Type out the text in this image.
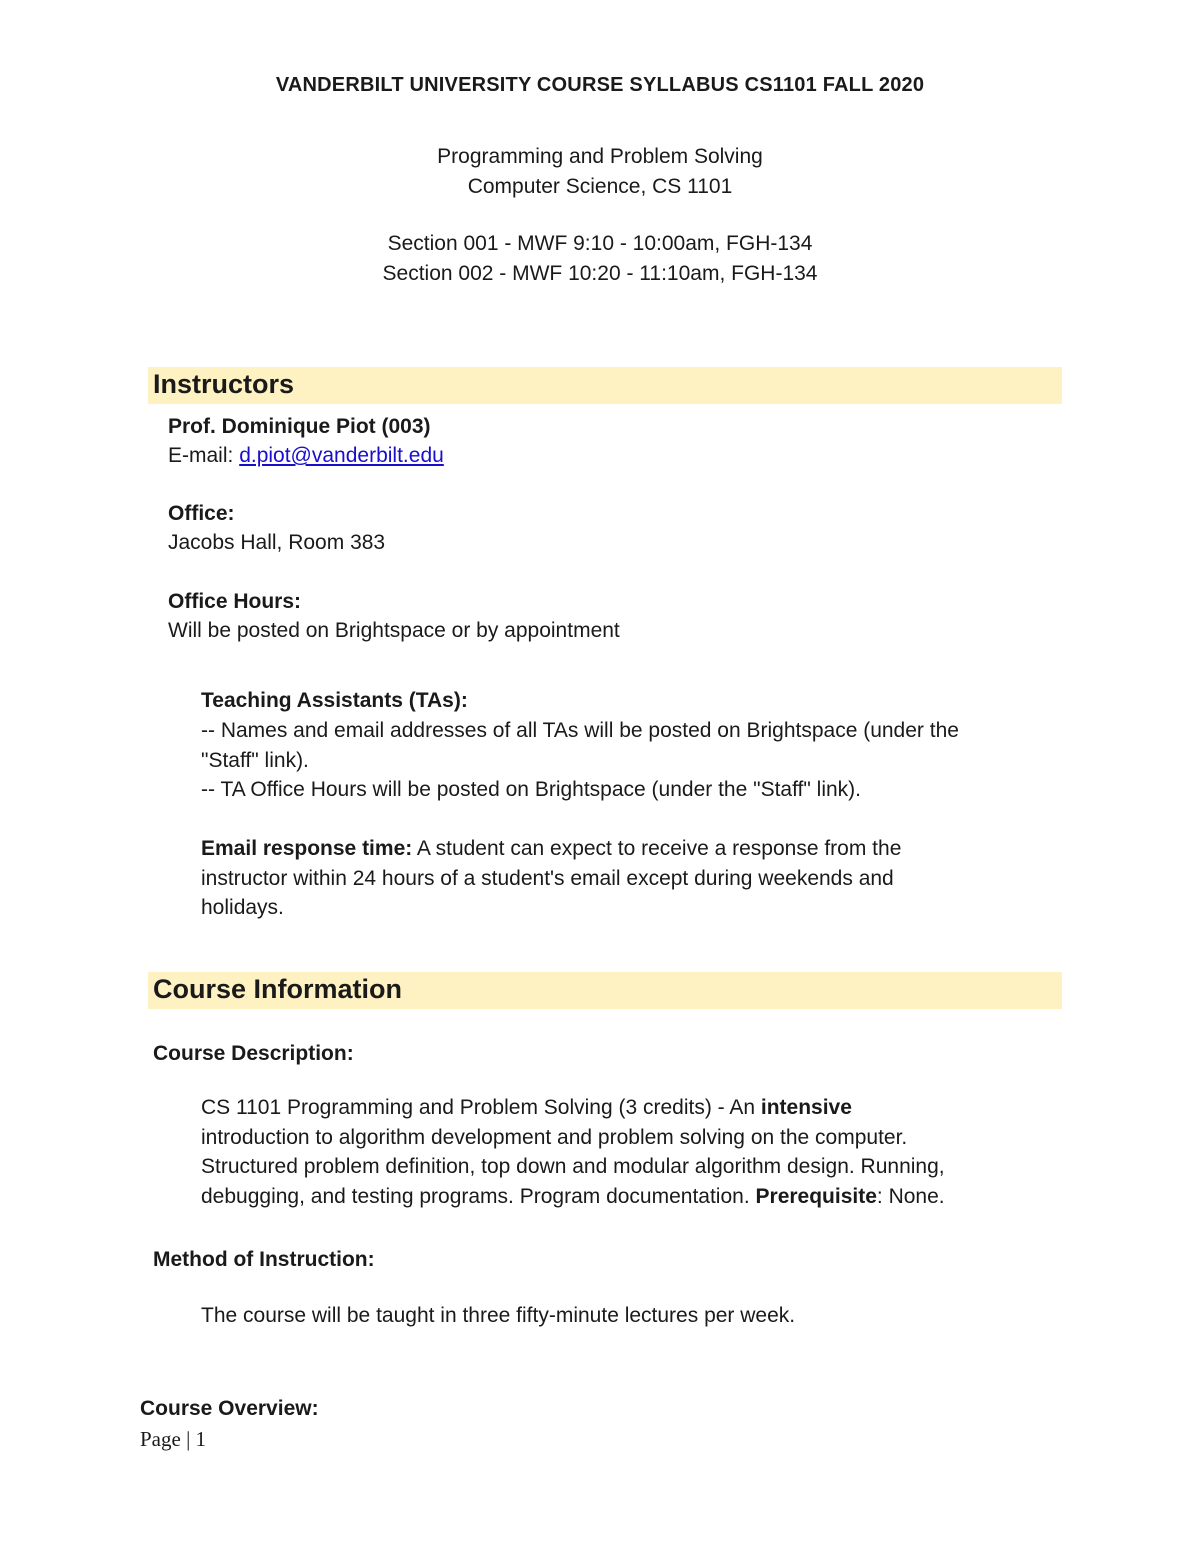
VANDERBILT UNIVERSITY COURSE SYLLABUS CS1101 FALL 2020
Programming and Problem Solving
Computer Science, CS 1101
Section 001 - MWF 9:10 - 10:00am, FGH-134
Section 002 - MWF 10:20 - 11:10am, FGH-134
Instructors
Prof. Dominique Piot (003)
E-mail: d.piot@vanderbilt.edu
Office:
Jacobs Hall, Room 383
Office Hours:
Will be posted on Brightspace or by appointment
Teaching Assistants (TAs):
-- Names and email addresses of all TAs will be posted on Brightspace (under the
"Staff" link).
-- TA Office Hours will be posted on Brightspace (under the "Staff" link).
Email response time: A student can expect to receive a response from the
instructor within 24 hours of a student's email except during weekends and
holidays.
Course Information
Course Description:
CS 1101 Programming and Problem Solving (3 credits) - An intensive
introduction to algorithm development and problem solving on the computer.
Structured problem definition, top down and modular algorithm design. Running,
debugging, and testing programs. Program documentation. Prerequisite: None.
Method of Instruction:
The course will be taught in three fifty-minute lectures per week.
Course Overview:
Page | 1
